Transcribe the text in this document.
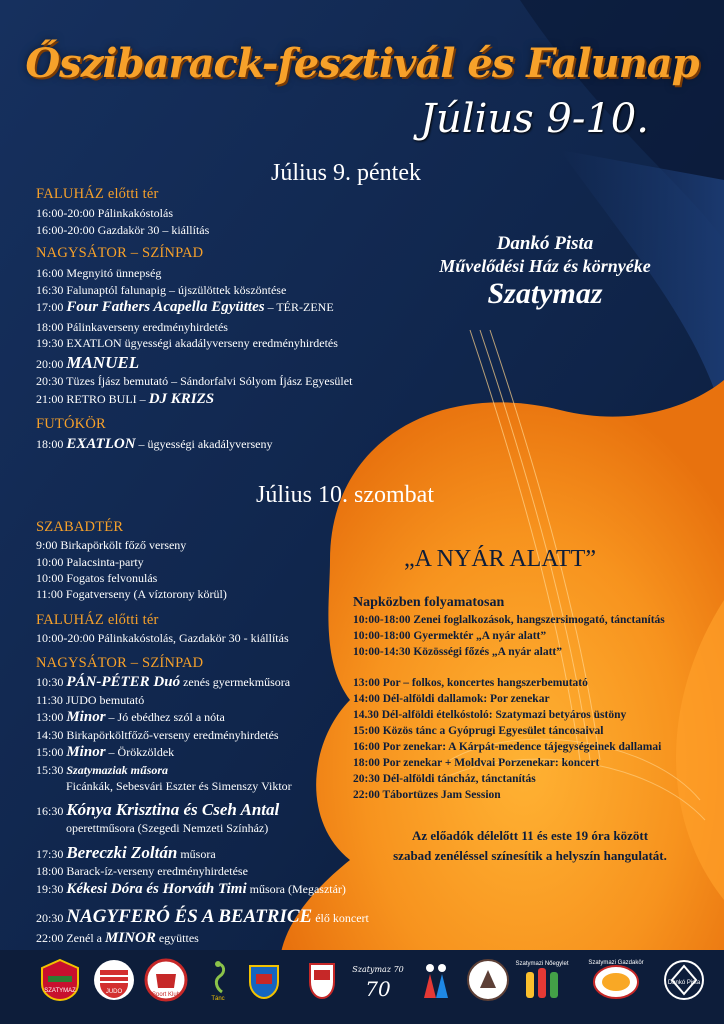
Őszibarack-fesztivál és Falunap
Július 9-10.
Július 9. péntek
Dankó Pista
Művelődési Ház és környéke
Szatymaz
FALUHÁZ előtti tér
16:00-20:00 Pálinkakóstolás
16:00-20:00 Gazdakör 30 – kiállítás
NAGYSÁTOR – SZÍNPAD
16:00 Megnyitó ünnepség
16:30 Falunaptól falunapig – újszülöttek köszöntése
17:00 Four Fathers Acapella Együttes – TÉR-ZENE
18:00 Pálinkaverseny eredményhirdetés
19:30 EXATLON ügyességi akadályverseny eredményhirdetés
20:00 MANUEL
20:30 Tüzes Íjász bemutató – Sándorfalvi Sólyom Íjász Egyesület
21:00 RETRO BULI – DJ KRIZS
FUTÓKÖR
18:00 EXATLON – ügyességi akadályverseny
Július 10. szombat
SZABADTÉR
9:00 Birkapörkölt főző verseny
10:00 Palacsinta-party
10:00 Fogatos felvonulás
11:00 Fogatverseny (A víztorony körül)
FALUHÁZ előtti tér
10:00-20:00 Pálinkakóstolás, Gazdakör 30 - kiállítás
NAGYSÁTOR – SZÍNPAD
10:30 PÁN-PÉTER Duó zenés gyermekműsora
11:30 JUDO bemutató
13:00 Minor – Jó ebédhez szól a nóta
14:30 Birkapörköltfőző-verseny eredményhirdetés
15:00 Minor – Örökzöldek
15:30 Szatymaziak műsora
Ficánkák, Sebesvári Eszter és Simenszy Viktor
16:30 Kónya Krisztina és Cseh Antal
operettműsora (Szegedi Nemzeti Színház)
17:30 Bereczki Zoltán műsora
18:00 Barack-íz-verseny eredményhirdetése
19:30 Kékesi Dóra és Horváth Timi műsora (Megasztár)
20:30 NAGYFERÓ ÉS A BEATRICE élő koncert
22:00 Zenél a MINOR együttes
„A NYÁR ALATT”
Napközben folyamatosan
10:00-18:00 Zenei foglalkozások, hangszersimogató, tánctanítás
10:00-18:00 Gyermektér „A nyár alatt”
10:00-14:30 Közösségi főzés „A nyár alatt”
13:00 Por – folkos, koncertes hangszerbemutató
14:00 Dél-alföldi dallamok: Por zenekar
14.30 Dél-alföldi ételkóstoló: Szatymazi betyáros üstöny
15:00 Közös tánc a Gyóprugi Egyesület táncosaival
16:00 Por zenekar: A Kárpát-medence tájegységeinek dallamai
18:00 Por zenekar + Moldvai Porzenekar: koncert
20:30 Dél-alföldi táncház, tánctanítás
22:00 Tábortüzes Jam Session
Az előadók délelőtt 11 és este 19 óra között
szabad zenéléssel színesítik a helyszín hangulatát.
SZATYMAZ	JUDO	Sport Klub
Tánc
Szatymaz 70
70
Szatymazi Nőegylet	Szatymazi Gazdakör
Dankó Pista
